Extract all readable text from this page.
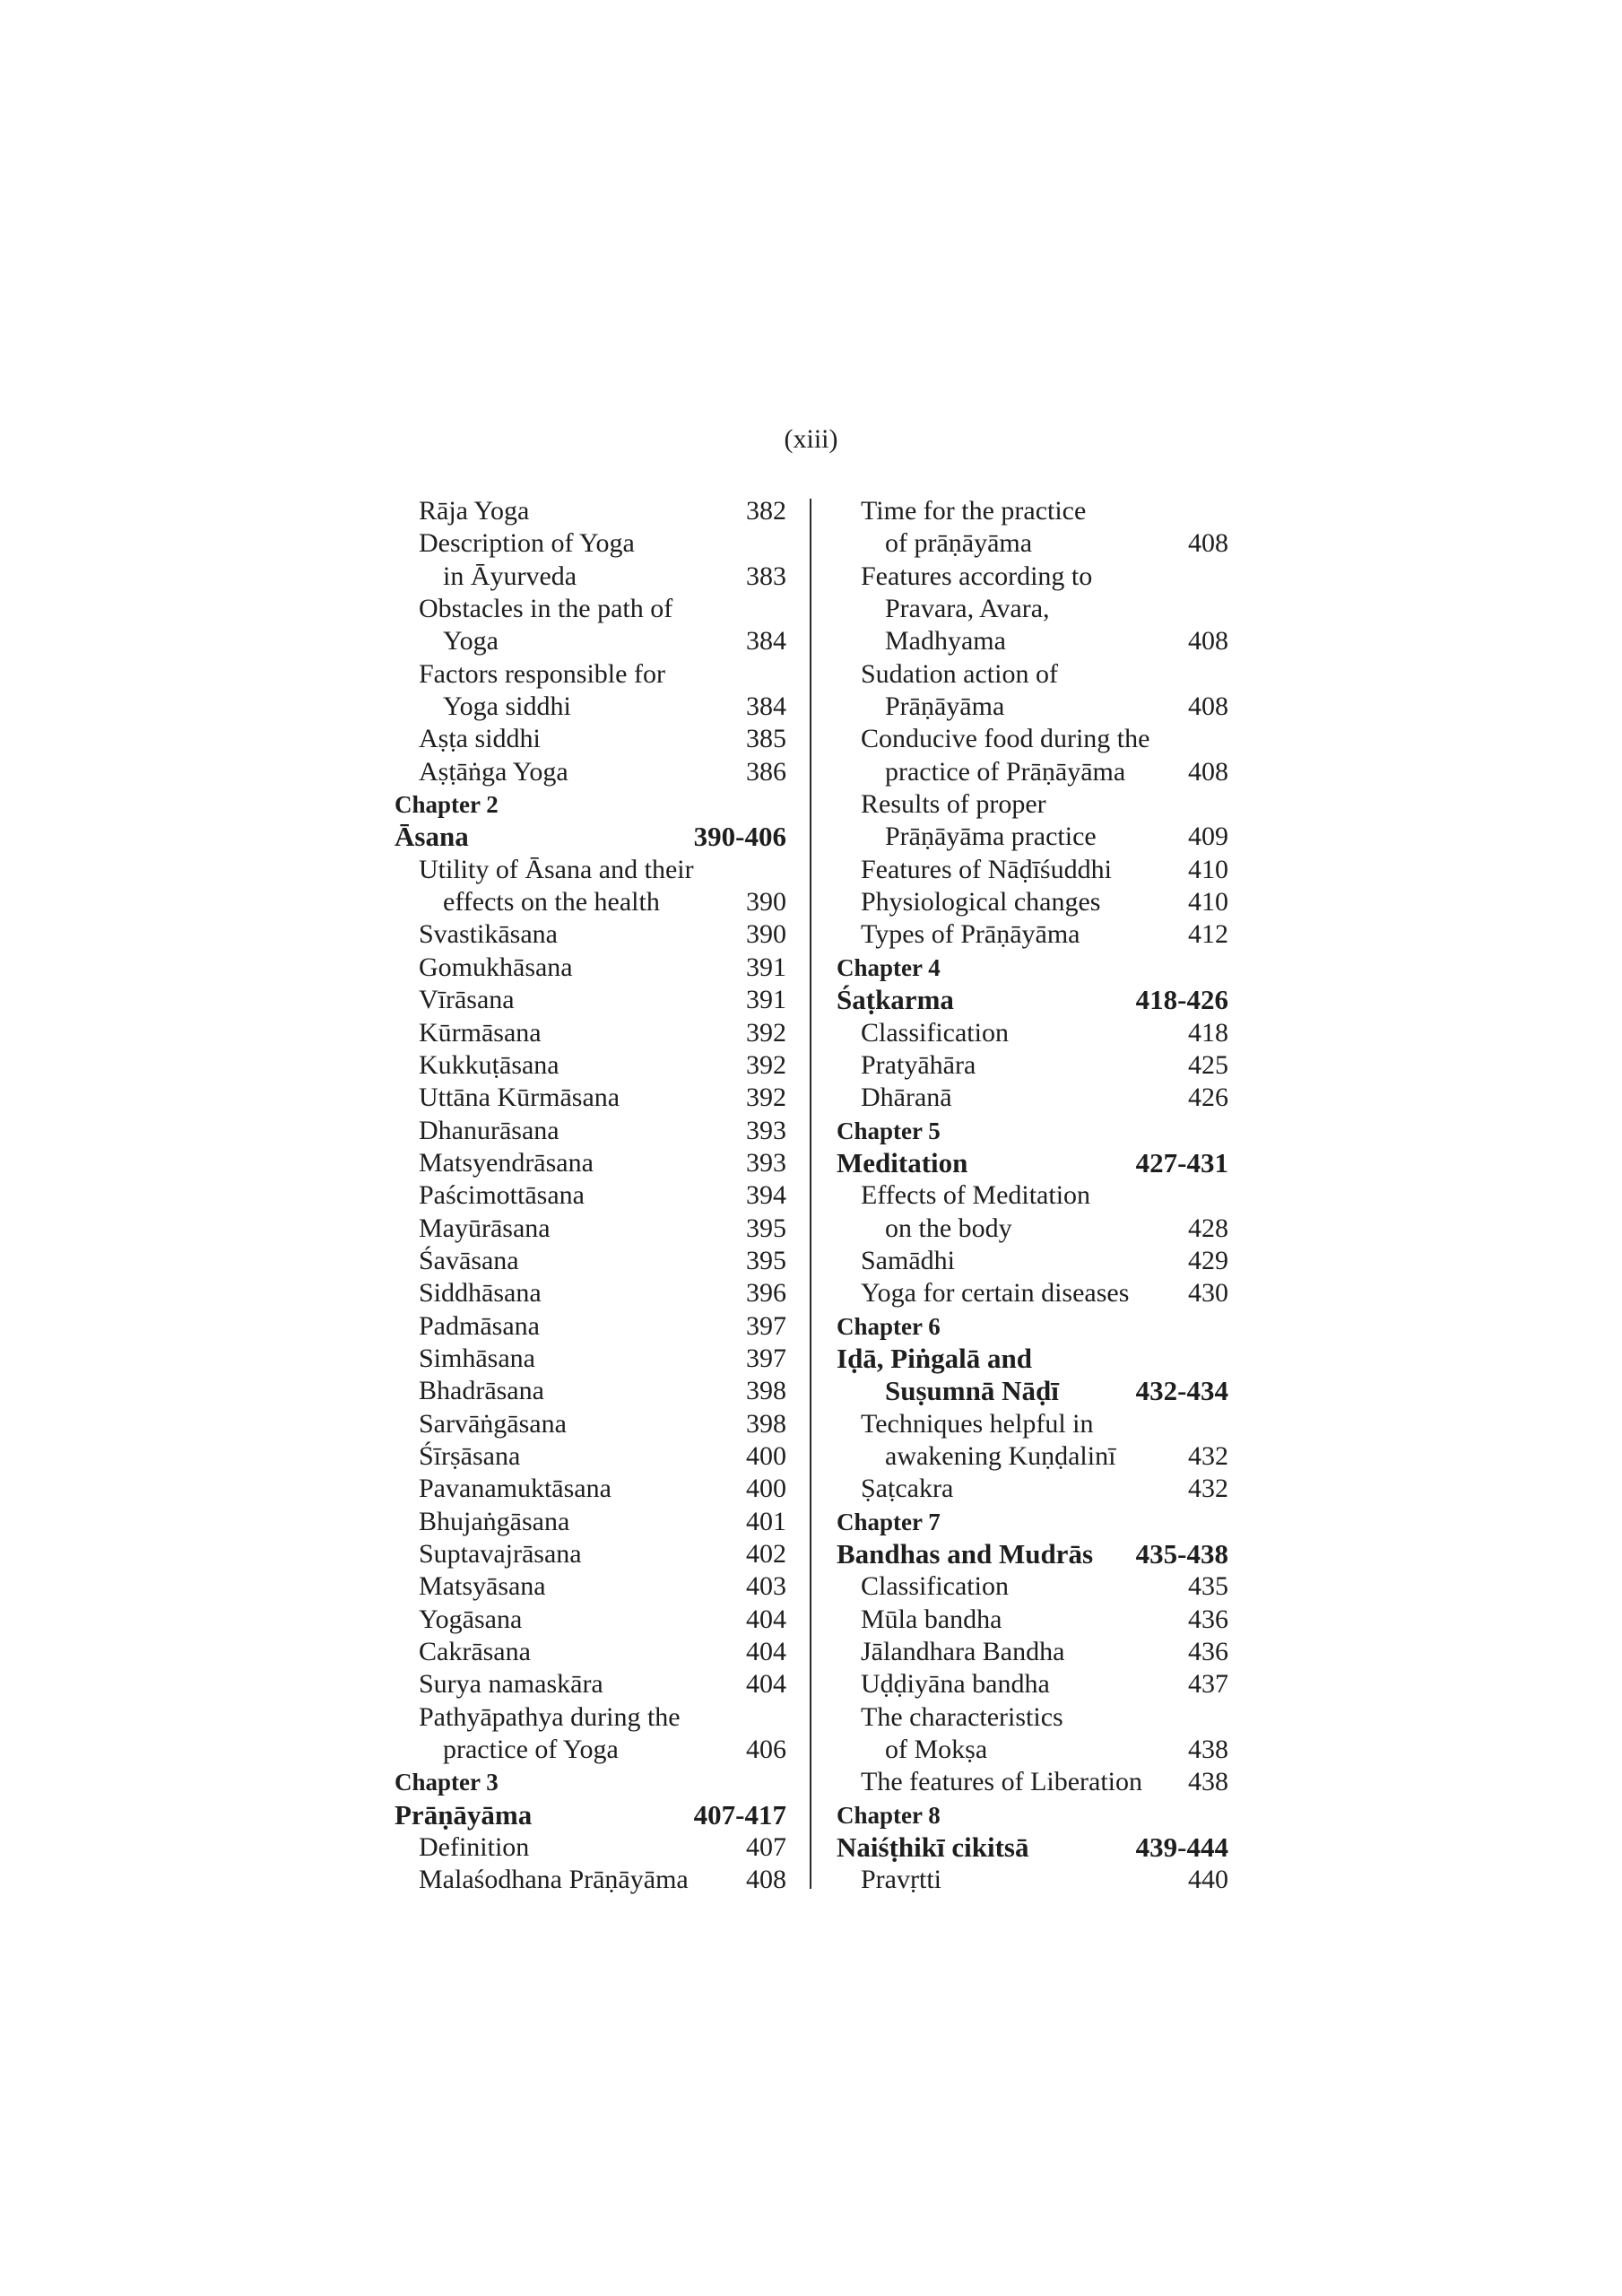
(xiii)
Rāja Yoga	382
Description of Yoga
in Āyurveda	383
Obstacles in the path of
Yoga	384
Factors responsible for
Yoga siddhi	384
Aṣṭa siddhi	385
Aṣṭāṅga Yoga	386
Chapter 2
Āsana	390-406
Utility of Āsana and their
effects on the health	390
Svastikāsana	390
Gomukhāsana	391
Vīrāsana	391
Kūrmāsana	392
Kukkuṭāsana	392
Uttāna Kūrmāsana	392
Dhanurāsana	393
Matsyendrāsana	393
Paścimottāsana	394
Mayūrāsana	395
Śavāsana	395
Siddhāsana	396
Padmāsana	397
Simhāsana	397
Bhadrāsana	398
Sarvāṅgāsana	398
Śīrṣāsana	400
Pavanamuktāsana	400
Bhujaṅgāsana	401
Suptavajrāsana	402
Matsyāsana	403
Yogāsana	404
Cakrāsana	404
Surya namaskāra	404
Pathyāpathya during the
practice of Yoga	406
Chapter 3
Prāṇāyāma	407-417
Definition	407
Malaśodhana Prāṇāyāma 408
Time for the practice
of prāṇāyāma	408
Features according to
Pravara, Avara,
Madhyama	408
Sudation action of
Prāṇāyāma	408
Conducive food during the
practice of Prāṇāyāma 408
Results of proper
Prāṇāyāma practice	409
Features of Nāḍīśuddhi	410
Physiological changes	410
Types of Prāṇāyāma	412
Chapter 4
Śaṭkarma	418-426
Classification	418
Pratyāhāra	425
Dhāranā	426
Chapter 5
Meditation	427-431
Effects of Meditation
on the body	428
Samādhi	429
Yoga for certain diseases 430
Chapter 6
Iḍā, Piṅgalā and
Suṣumnā Nāḍī	432-434
Techniques helpful in
awakening Kuṇḍalinī	432
Ṣaṭcakra	432
Chapter 7
Bandhas and Mudrās 435-438
Classification	435
Mūla bandha	436
Jālandhara Bandha	436
Uḍḍiyāna bandha	437
The characteristics
of Mokṣa	438
The features of Liberation 438
Chapter 8
Naiśṭhikī cikitsā	439-444
Pravṛtti	440
